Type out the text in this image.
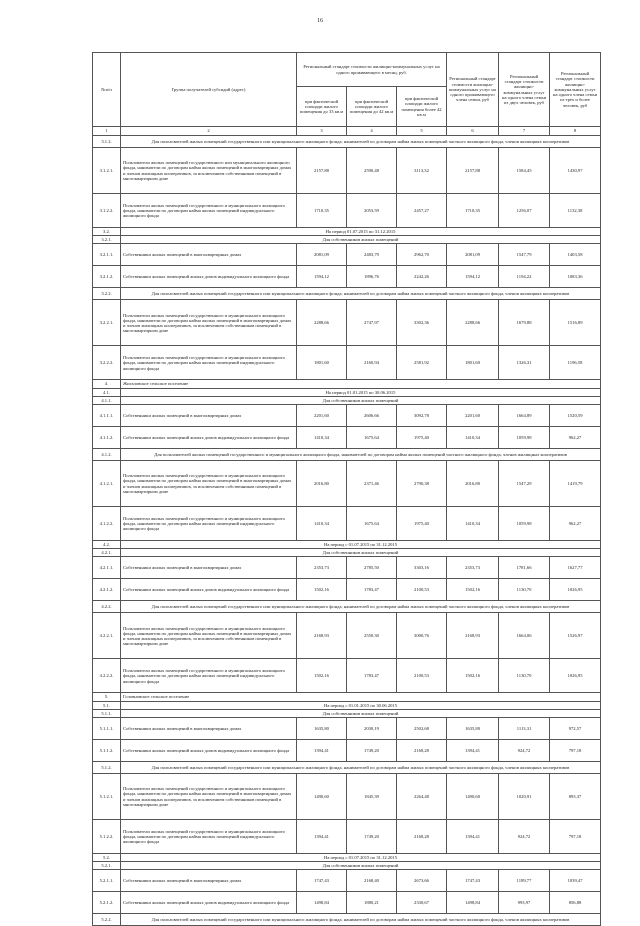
16
№п/п	Группа получателей субсидий (адрес)	Региональный стандарт стоимости жилищно-коммунальных услуг на одного проживающего в месяц, руб.			Региональный стандарт стоимости жилищно-коммунальных услуг на одного проживающего члена семьи, руб	Региональный стандарт стоимости жилищно-коммунальных услуг на одного члена семьи из двух человек, руб	Региональный стандарт стоимости жилищно-коммунальных услуг на одного члена семьи из трех и более человек, руб
		при фактической площади жилого помещения до 33 кв.м	при фактической площади жилого помещения до 42 кв.м	при фактической площади жилого помещения более 42 кв.м			
1	2	3	4	5	6	7	8
3.1.2.	Для пользователей жилых помещений государственного или муниципального жилищного фонда, нанимателей по договорам найма жилых помещений частного жилищного фонда, членов жилищных кооперативов						
3.1.2.1.	Пользователи жилых помещений государственного или муниципального жилищного фонда, наниматели по договорам найма жилых помещений в многоквартирных домах и членов жилищных кооперативов, за исключением собственников помещений в многоквартирном доме	2157,88	2590,48	3113,32	2157,88	1584,45	1430,97
3.1.2.2.	Пользователи жилых помещений государственного и муниципального жилищного фонда, наниматели по договорам найма жилых помещений индивидуального жилищного фонда	1710,35	2053,59	2457,27	1710,35	1256,07	1132,38
3.2.	На период 01.07.2015 по 31.12.2015						
3.2.1.	Для собственников жилых помещений						
3.2.1.1.	Собственники жилых помещений в многоквартирных домах	2081,09	2483,79	2962,70	2081,09	1547,79	1403,58
3.2.1.2.	Собственники жилых помещений жилых домов индивидуального жилищного фонда	1594,12	1896,76	2242,26	1594,12	1194,22	1083,36
3.2.2.	Для пользователей жилых помещений государственного или муниципального жилищного фонда, нанимателей по договорам найма жилых помещений частного жилищного фонда, членов жилищных кооперативов						
3.2.2.1.	Пользователи жилых помещений государственного и муниципального жилищного фонда, наниматели по договорам найма жилых помещений в многоквартирных домах и членов жилищных кооперативов, за исключением собственников помещений в многоквартирном доме	2288,66	2747,97	3302,36	2288,66	1679,88	1516,89
3.2.2.2.	Пользователи жилых помещений государственного и муниципального жилищного фонда, наниматели по договорам найма жилых помещений индивидуального жилищного фонда	1801,60	2160,94	2581,92	1801,60	1326,31	1196,58
4.	Жигаловское сельское поселение						
4.1.	На период 01.01.2015 по 30.06.2015						
4.1.1.	Для собственников жилых помещений						
4.1.1.1.	Собственники жилых помещений в многоквартирных домах	2201,60	2606,66	3092,78	2201,60	1664,89	1520,59
4.1.1.2.	Собственники жилых помещений жилых домов индивидуального жилищного фонда	1410,34	1675,64	1975,40	1410,34	1059,98	962,27
4.1.2.	Для пользователей жилых помещений государственного и муниципального жилищного фонда, нанимателей по договорам найма жилых помещений частного жилищного фонда, членов жилищных кооперативов						
4.1.2.1.	Пользователи жилых помещений государственного и муниципального жилищного фонда, наниматели по договорам найма жилых помещений в многоквартирных домах и членов жилищных кооперативов, за исключением собственников помещений в многоквартирном доме	2016,80	2371,46	2790,38	2016,80	1547,29	1419,79
4.1.2.2.	Пользователи жилых помещений государственного и муниципального жилищного фонда, наниматели по договорам найма жилых помещений индивидуального жилищного фонда	1410,34	1675,64	1975,40	1410,34	1059,98	962,27
4.2.	На период с 01.07.2015 по 31.12.2015						
4.2.1.	Для собственников жилых помещений						
4.2.1.1.	Собственники жилых помещений в многоквартирных домах	2353,73	2785,50	3303,16	2353,73	1781,66	1627,77
4.2.1.2.	Собственники жилых помещений жилых домов индивидуального жилищного фонда	1502,16	1783,47	2100,53	1502,16	1130,70	1026,95
4.2.2.	Для пользователей жилых помещений государственного или муниципального жилищного фонда, нанимателей по договорам найма жилых помещений частного жилищного фонда, членов жилищных кооперативов						
4.2.2.1.	Пользователи жилых помещений государственного и муниципального жилищного фонда, наниматели по договорам найма жилых помещений в многоквартирных домах и членов жилищных кооперативов, за исключением собственников помещений в многоквартирном доме	2168,93	2550,30	3000,76	2168,93	1664,06	1526,97
4.2.2.2.	Пользователи жилых помещений государственного и муниципального жилищного фонда, наниматели по договорам найма жилых помещений индивидуального жилищного фонда	1502,16	1783,47	2100,53	1502,16	1130,70	1026,95
5.	Головновское сельское поселение						
5.1.	На период с 01.01.2015 по 30.06.2015						
5.1.1.	Для собственников жилых помещений						
5.1.1.1.	Собственники жилых помещений в многоквартирных домах	1635,80	2030,19	2502,68	1635,80	1113,31	972,57
5.1.1.2.	Собственники жилых помещений жилых домов индивидуального жилищного фонда	1394,41	1749,20	2168,28	1394,41	924,72	797,18
5.1.2.	Для пользователей жилых помещений государственного или муниципального жилищного фонда, нанимателей по договорам найма жилых помещений частного жилищного фонда, членов жилищных кооперативов						
5.1.2.1.	Пользователи жилых помещений государственного и муниципального жилищного фонда, наниматели по договорам найма жилых помещений в многоквартирных домах и членов жилищных кооперативов, за исключением собственников помещений в многоквартирном доме	1490,60	1845,39	2264,48	1490,60	1020,91	893,37
5.1.2.2.	Пользователи жилых помещений государственного и муниципального жилищного фонда, наниматели по договорам найма жилых помещений индивидуального жилищного фонда	1394,41	1749,20	2168,28	1394,41	924,72	797,18
5.2.	На период с 01.07.2015 по 31.12.2015						
5.2.1.	Для собственников жилых помещений						
5.2.1.1.	Собственники жилых помещений в многоквартирных домах	1747,43	2168,40	2673,66	1747,43	1189,77	1039,47
5.2.1.2.	Собственники жилых помещений жилых домов индивидуального жилищного фонда	1498,84	1880,21	2330,67	1498,84	993,97	856,88
5.2.2.	Для пользователей жилых помещений государственного или муниципального жилищного фонда, нанимателей по договорам найма жилых помещений частного жилищного фонда, членов жилищных кооперативов						
